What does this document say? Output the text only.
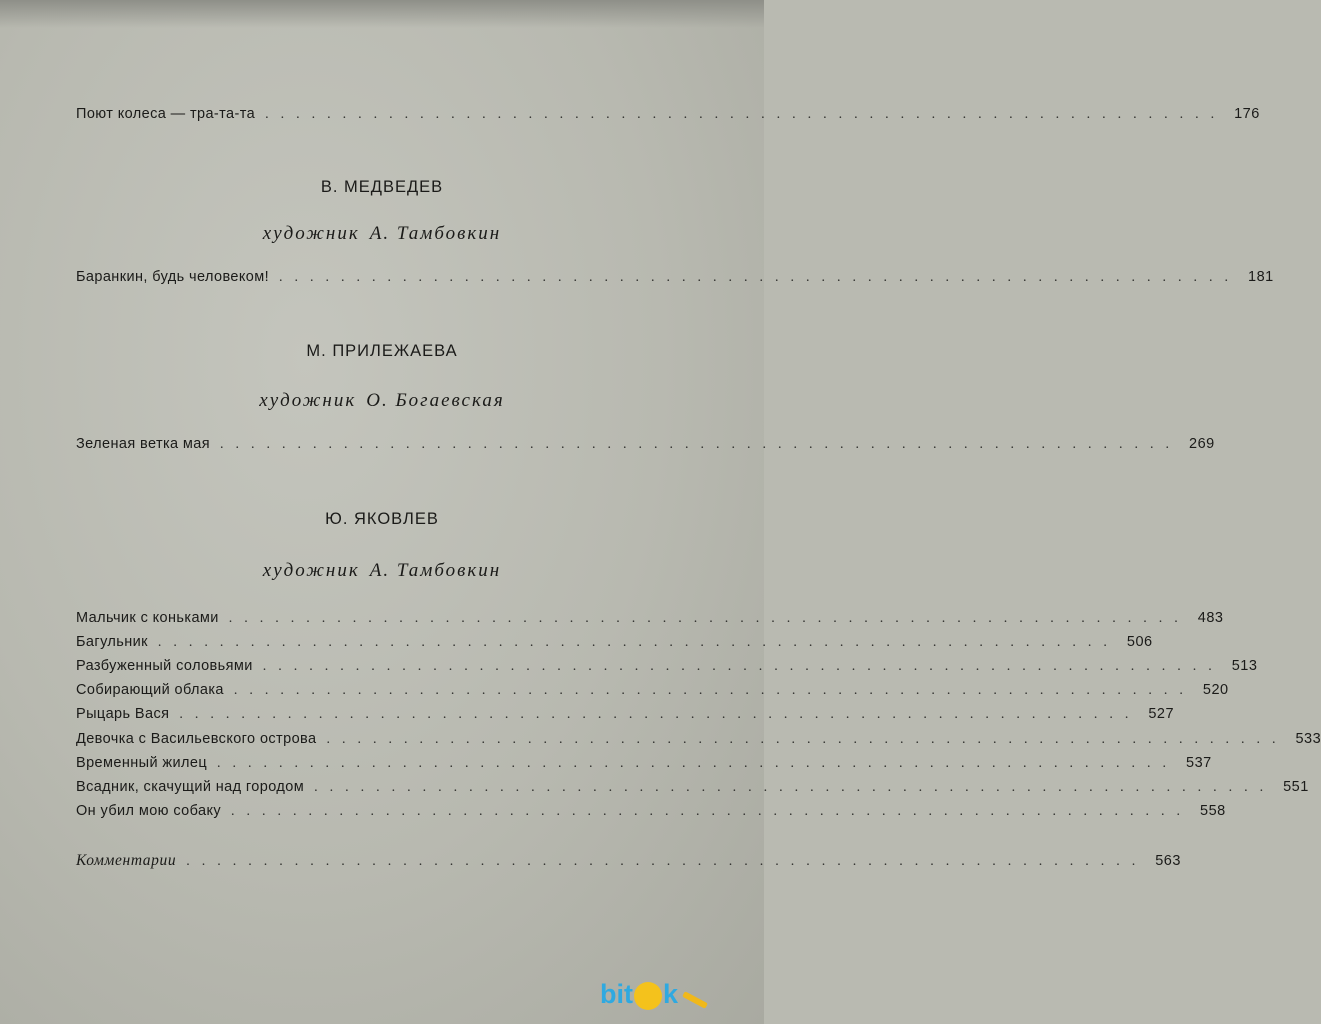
Поют колеса — тра-та-та .............................................................. 176
В. МЕДВЕДЕВ
художник А. Тамбовкин
Баранкин, будь человеком! .............................................................. 181
М. ПРИЛЕЖАЕВА
художник О. Богаевская
Зеленая ветка мая .............................................................. 269
Ю. ЯКОВЛЕВ
художник А. Тамбовкин
Мальчик с коньками .............................................................. 483
Багульник .............................................................. 506
Разбуженный соловьями .............................................................. 513
Собирающий облака .............................................................. 520
Рыцарь Вася .............................................................. 527
Девочка с Васильевского острова .............................................................. 533
Временный жилец .............................................................. 537
Всадник, скачущий над городом .............................................................. 551
Он убил мою собаку .............................................................. 558
Комментарии .............................................................. 563
bit k
